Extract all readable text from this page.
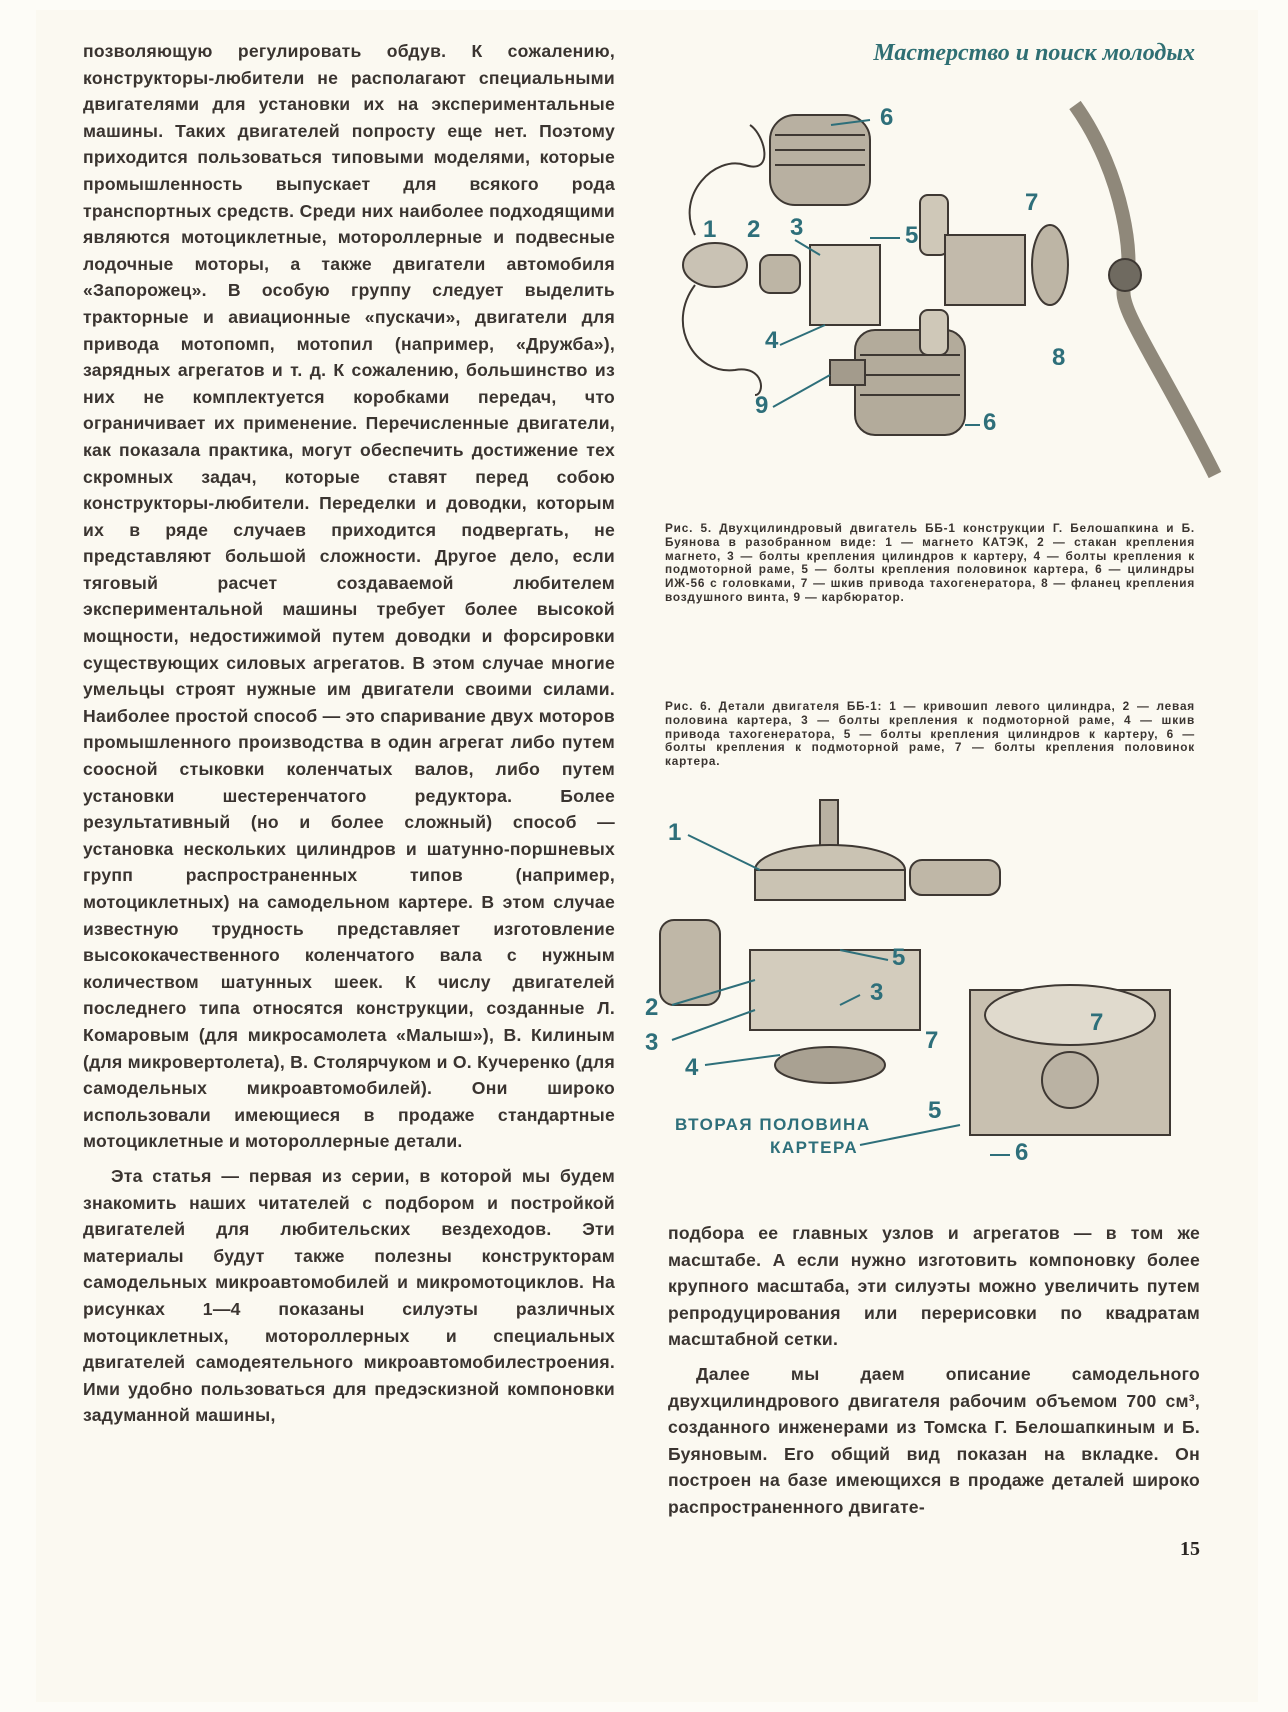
Мастерство и поиск молодых

позволяющую регулировать обдув. К сожалению, конструкторы-любители не располагают специальными двигателями для установки их на экспериментальные машины. Таких двигателей попросту еще нет. Поэтому приходится пользоваться типовыми моделями, которые промышленность выпускает для всякого рода транспортных средств. Среди них наиболее подходящими являются мотоциклетные, мотороллерные и подвесные лодочные моторы, а также двигатели автомобиля «Запорожец». В особую группу следует выделить тракторные и авиационные «пускачи», двигатели для привода мотопомп, мотопил (например, «Дружба»), зарядных агрегатов и т. д. К сожалению, большинство из них не комплектуется коробками передач, что ограничивает их применение. Перечисленные двигатели, как показала практика, могут обеспечить достижение тех скромных задач, которые ставят перед собою конструкторы-любители. Переделки и доводки, которым их в ряде случаев приходится подвергать, не представляют большой сложности. Другое дело, если тяговый расчет создаваемой любителем экспериментальной машины требует более высокой мощности, недостижимой путем доводки и форсировки существующих силовых агрегатов. В этом случае многие умельцы строят нужные им двигатели своими силами. Наиболее простой способ — это спаривание двух моторов промышленного производства в один агрегат либо путем соосной стыковки коленчатых валов, либо путем установки шестеренчатого редуктора. Более результативный (но и более сложный) способ — установка нескольких цилиндров и шатунно-поршневых групп распространенных типов (например, мотоциклетных) на самодельном картере. В этом случае известную трудность представляет изготовление высококачественного коленчатого вала с нужным количеством шатунных шеек. К числу двигателей последнего типа относятся конструкции, созданные Л. Комаровым (для микросамолета «Малыш»), В. Килиным (для микровертолета), В. Столярчуком и О. Кучеренко (для самодельных микроавтомобилей). Они широко использовали имеющиеся в продаже стандартные мотоциклетные и мотороллерные детали.

Эта статья — первая из серии, в которой мы будем знакомить наших читателей с подбором и постройкой двигателей для любительских вездеходов. Эти материалы будут также полезны конструкторам самодельных микроавтомобилей и микромотоциклов. На рисунках 1—4 показаны силуэты различных мотоциклетных, мотороллерных и специальных двигателей самодеятельного микроавтомобилестроения. Ими удобно пользоваться для предэскизной компоновки задуманной машины,

1 2 3
4
5
6
7
8
9
6
Рис. 5. Двухцилиндровый двигатель ББ-1 конструкции Г. Белошапкина и Б. Буянова в разобранном виде: 1 — магнето КАТЭК, 2 — стакан крепления магнето, 3 — болты крепления цилиндров к картеру, 4 — болты крепления к подмоторной раме, 5 — болты крепления половинок картера, 6 — цилиндры ИЖ-56 с головками, 7 — шкив привода тахогенератора, 8 — фланец крепления воздушного винта, 9 — карбюратор.
Рис. 6. Детали двигателя ББ-1: 1 — кривошип левого цилиндра, 2 — левая половина картера, 3 — болты крепления к подмоторной раме, 4 — шкив привода тахогенератора, 5 — болты крепления цилиндров к картеру, 6 — болты крепления к подмоторной раме, 7 — болты крепления половинок картера.
1
2
3
4
5
3
7
7
5
6
ВТОРАЯ ПОЛОВИНА
КАРТЕРА

подбора ее главных узлов и агрегатов — в том же масштабе. А если нужно изготовить компоновку более крупного масштаба, эти силуэты можно увеличить путем репродуцирования или перерисовки по квадратам масштабной сетки.

Далее мы даем описание самодельного двухцилиндрового двигателя рабочим объемом 700 см³, созданного инженерами из Томска Г. Белошапкиным и Б. Буяновым. Его общий вид показан на вкладке. Он построен на базе имеющихся в продаже деталей широко распространенного двигате-

15
